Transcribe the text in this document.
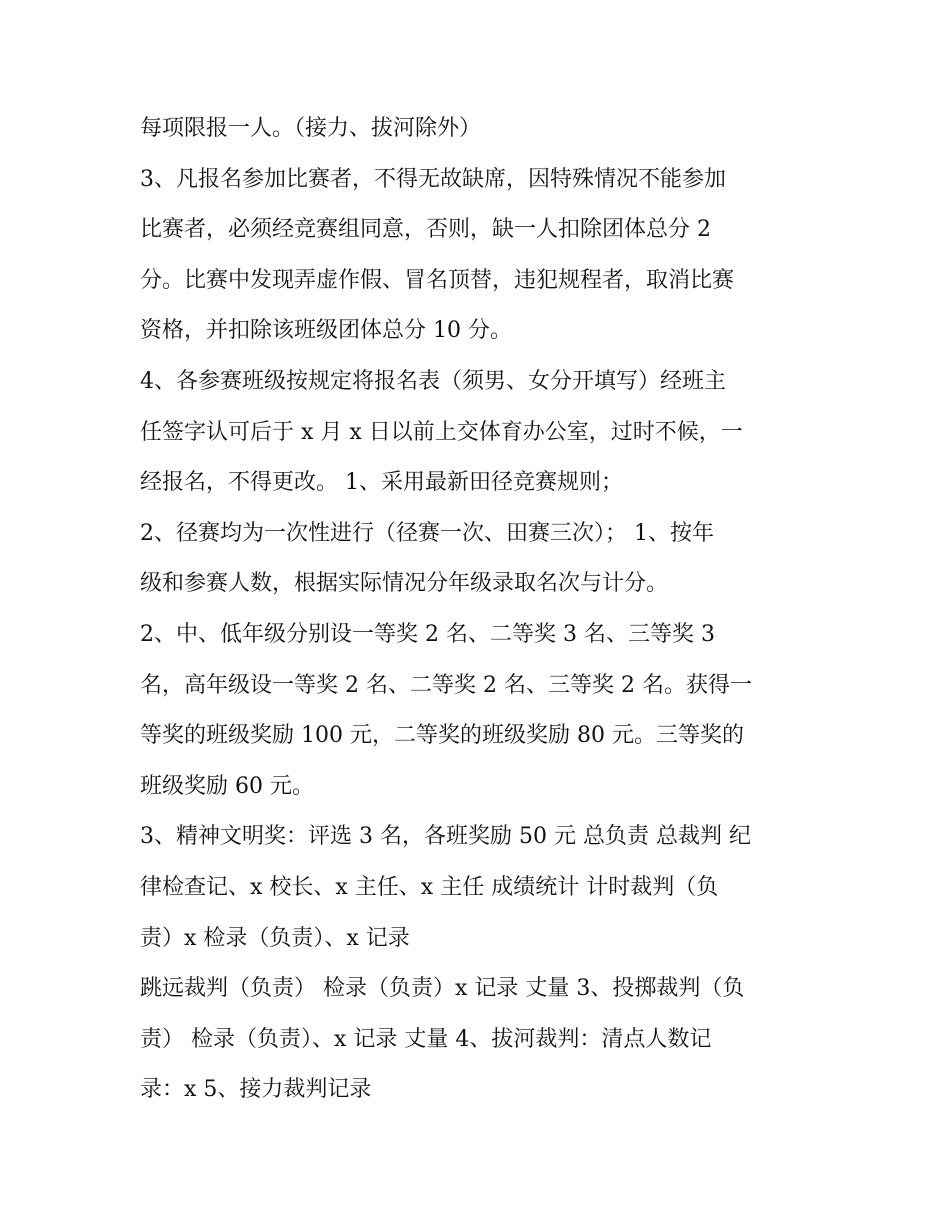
每项限报一人。（接力、拔河除外）
3、凡报名参加比赛者，不得无故缺席，因特殊情况不能参加
比赛者，必须经竞赛组同意，否则，缺一人扣除团体总分 2
分。比赛中发现弄虚作假、冒名顶替，违犯规程者，取消比赛
资格，并扣除该班级团体总分 10 分。
4、各参赛班级按规定将报名表（须男、女分开填写）经班主
任签字认可后于 x 月 x 日以前上交体育办公室，过时不候，一
经报名，不得更改。 1、采用最新田径竞赛规则；
2、径赛均为一次性进行（径赛一次、田赛三次）； 1、按年
级和参赛人数，根据实际情况分年级录取名次与计分。
2、中、低年级分别设一等奖 2 名、二等奖 3 名、三等奖 3
名，高年级设一等奖 2 名、二等奖 2 名、三等奖 2 名。获得一
等奖的班级奖励 100 元，二等奖的班级奖励 80 元。三等奖的
班级奖励 60 元。
3、精神文明奖：评选 3 名，各班奖励 50 元 总负责 总裁判 纪
律检查记、x 校长、x 主任、x 主任 成绩统计 计时裁判（负
责）x 检录（负责）、x 记录
跳远裁判（负责） 检录（负责）x 记录 丈量 3、投掷裁判（负
责） 检录（负责）、x 记录 丈量 4、拔河裁判：清点人数记
录：x 5、接力裁判记录
